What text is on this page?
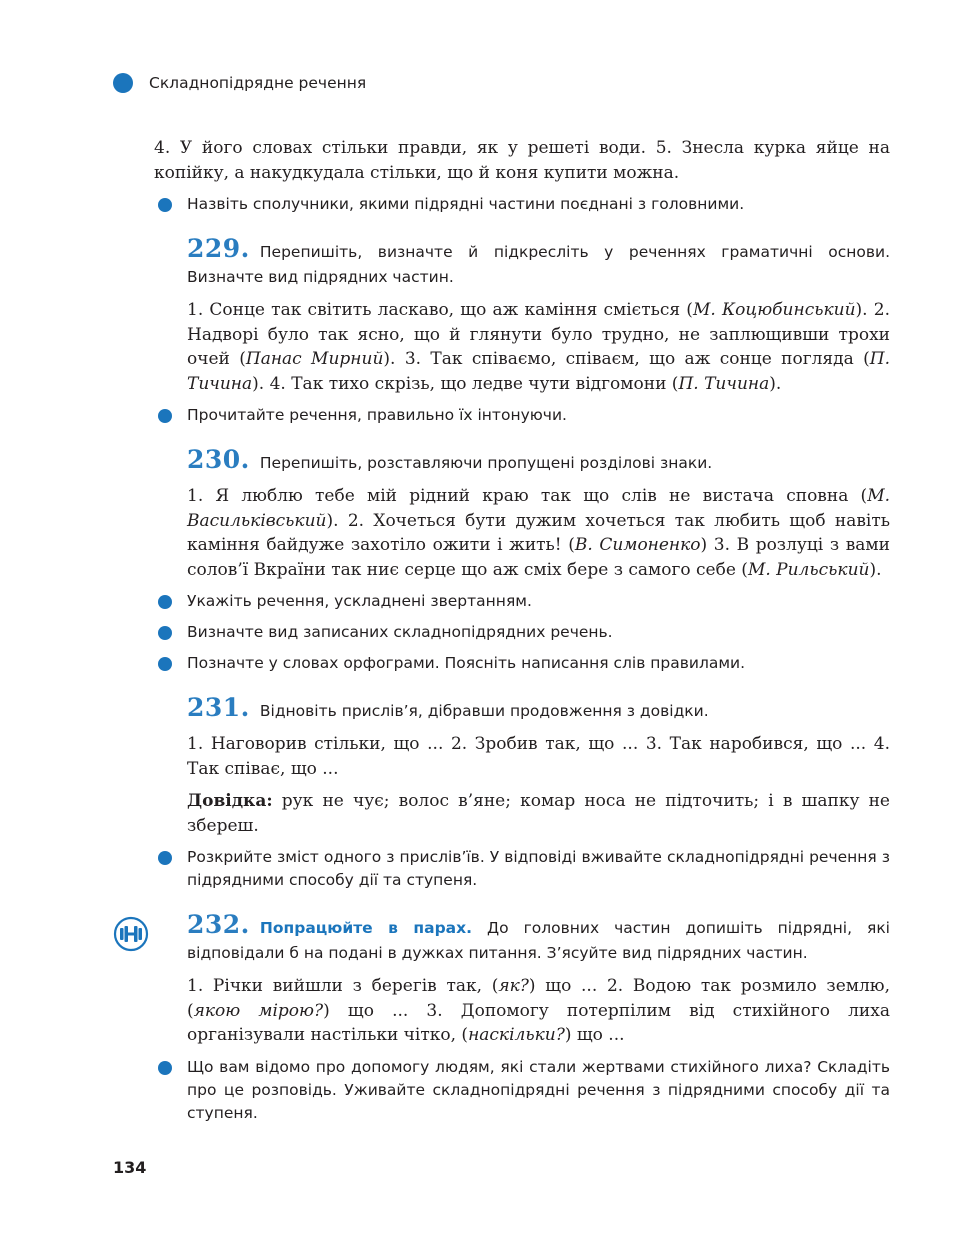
Складнопідрядне речення

4. У його словах стільки правди, як у решеті води. 5. Знесла курка яйце на копійку, а накудкудала стільки, що й коня купити можна.

Назвіть сполучники, якими підрядні частини поєднані з головними.
229. Перепишіть, визначте й підкресліть у реченнях граматичні основи. Визначте вид підрядних частин.

1. Сонце так світить ласкаво, що аж каміння сміється (М. Коцюбинський). 2. Надворі було так ясно, що й глянути було трудно, не заплющивши трохи очей (Панас Мирний). 3. Так співаємо, співаєм, що аж сонце погляда (П. Тичина). 4. Так тихо скрізь, що ледве чути відгомони (П. Тичина).

Прочитайте речення, правильно їх інтонуючи.
230. Перепишіть, розставляючи пропущені розділові знаки.

1. Я люблю тебе мій рідний краю так що слів не вистача сповна (М. Васильківський). 2. Хочеться бути дужим хочеться так любить щоб навіть каміння байдуже захотіло ожити і жить! (В. Симоненко) 3. В розлуці з вами солов’ї Вкраїни так ниє серце що аж сміх бере з самого себе (М. Рильський).

Укажіть речення, ускладнені звертанням.
Визначте вид записаних складнопідрядних речень.
Позначте у словах орфограми. Поясніть написання слів правилами.
231. Відновіть прислів’я, дібравши продовження з довідки.

1. Наговорив стільки, що ... 2. Зробив так, що ... 3. Так наробився, що ... 4. Так співає, що ...

Довідка: рук не чує; волос в’яне; комар носа не підточить; і в шапку не збереш.

Розкрийте зміст одного з прислів’їв. У відповіді вживайте складнопідрядні речення з підрядними способу дії та ступеня.
232. Попрацюйте в парах. До головних частин допишіть підрядні, які відповідали б на подані в дужках питання. З’ясуйте вид підрядних частин.

1. Річки вийшли з берегів так, (як?) що ... 2. Водою так розмило землю, (якою мірою?) що ... 3. Допомогу потерпілим від стихійного лиха організували настільки чітко, (наскільки?) що ...

Що вам відомо про допомогу людям, які стали жертвами стихійного лиха? Складіть про це розповідь. Уживайте складнопідрядні речення з підрядними способу дії та ступеня.
134
